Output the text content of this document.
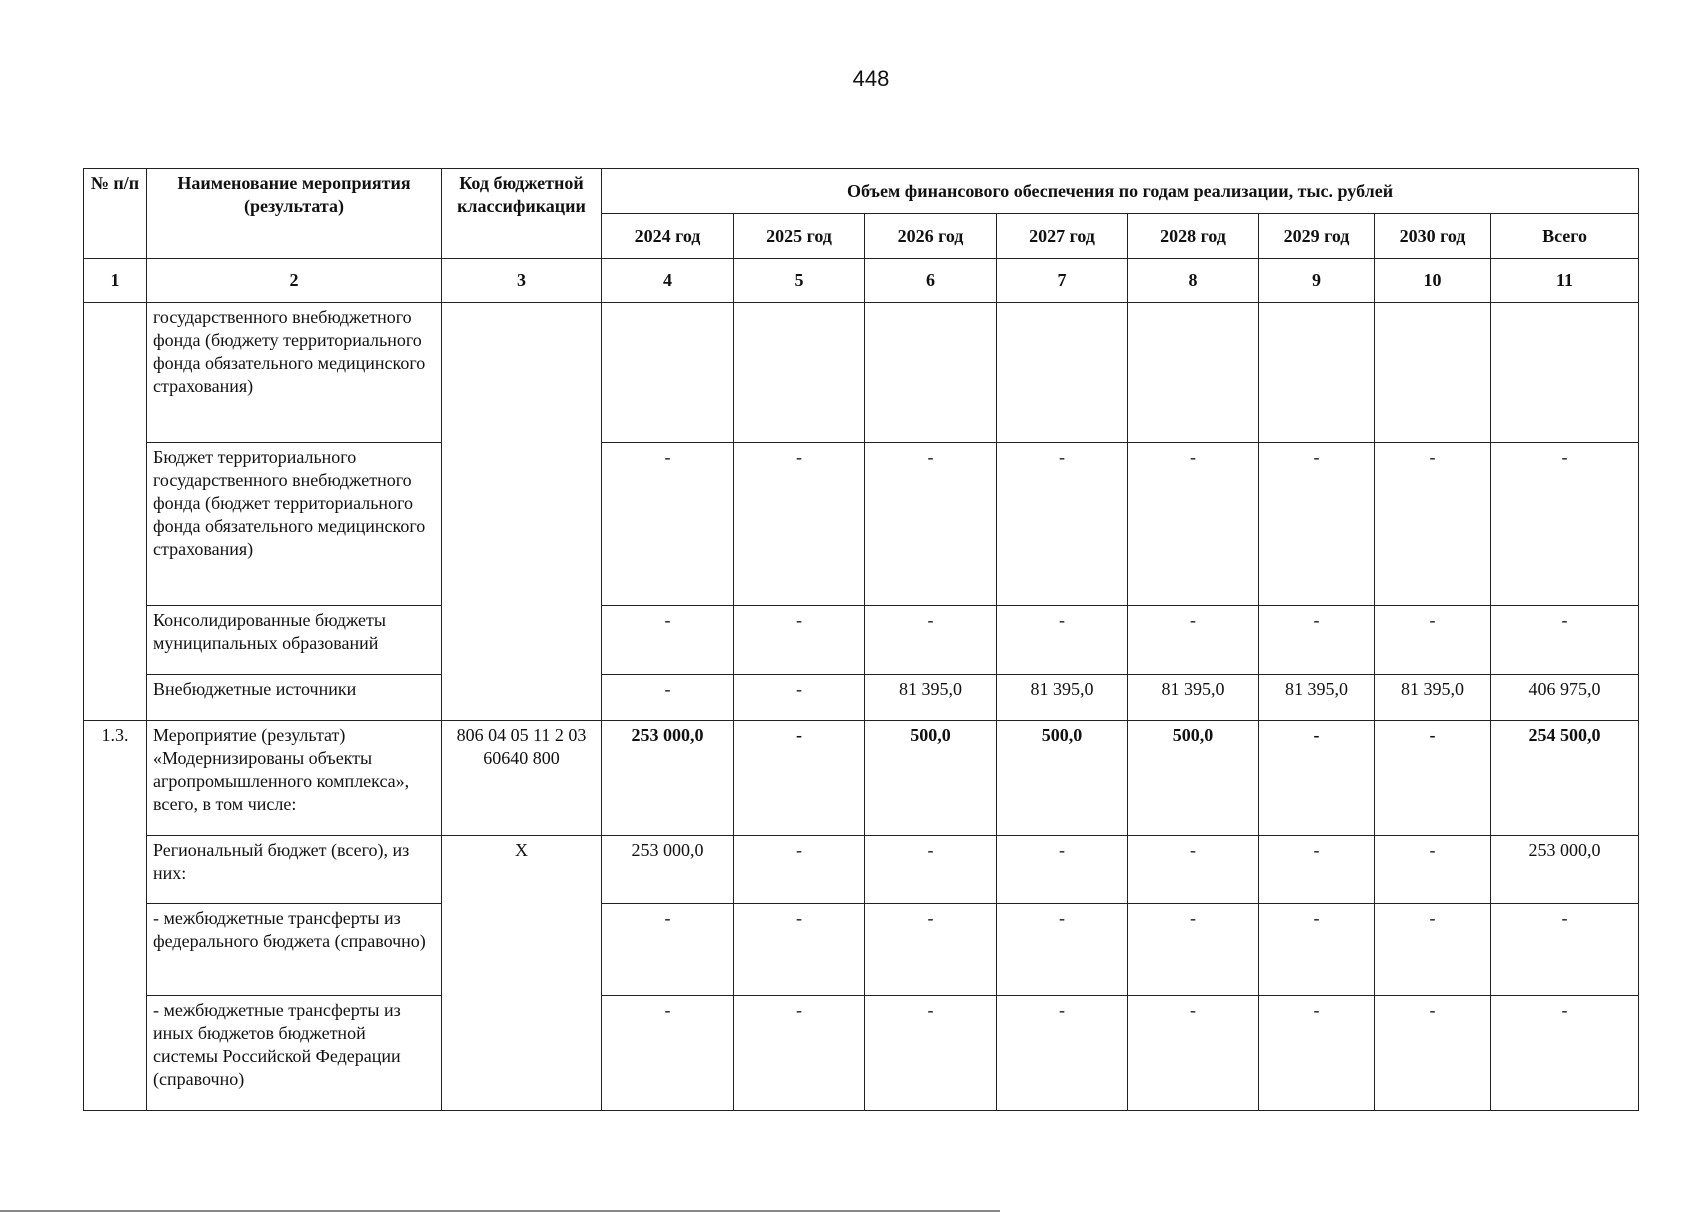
448
№ п/п	Наименование мероприятия (результата)	Код бюджетной классификации	Объем финансового обеспечения по годам реализации, тыс. рублей							
			2024 год	2025 год	2026 год	2027 год	2028 год	2029 год	2030 год	Всего
1	2	3	4	5	6	7	8	9	10	11
	государственного внебюджетного фонда (бюджету территориального фонда обязательного медицинского страхования)									
	Бюджет территориального государственного внебюджетного фонда (бюджет территориального фонда обязательного медицинского страхования)		-	-	-	-	-	-	-	-
	Консолидированные бюджеты муниципальных образований		-	-	-	-	-	-	-	-
	Внебюджетные источники		-	-	81 395,0	81 395,0	81 395,0	81 395,0	81 395,0	406 975,0
1.3.	Мероприятие (результат) «Модернизированы объекты агропромышленного комплекса», всего, в том числе:	806 04 05 11 2 03 60640 800	253 000,0	-	500,0	500,0	500,0	-	-	254 500,0
	Региональный бюджет (всего), из них:	X	253 000,0	-	-	-	-	-	-	253 000,0
	- межбюджетные трансферты из федерального бюджета (справочно)		-	-	-	-	-	-	-	-
	- межбюджетные трансферты из иных бюджетов бюджетной системы Российской Федерации (справочно)		-	-	-	-	-	-	-	-
